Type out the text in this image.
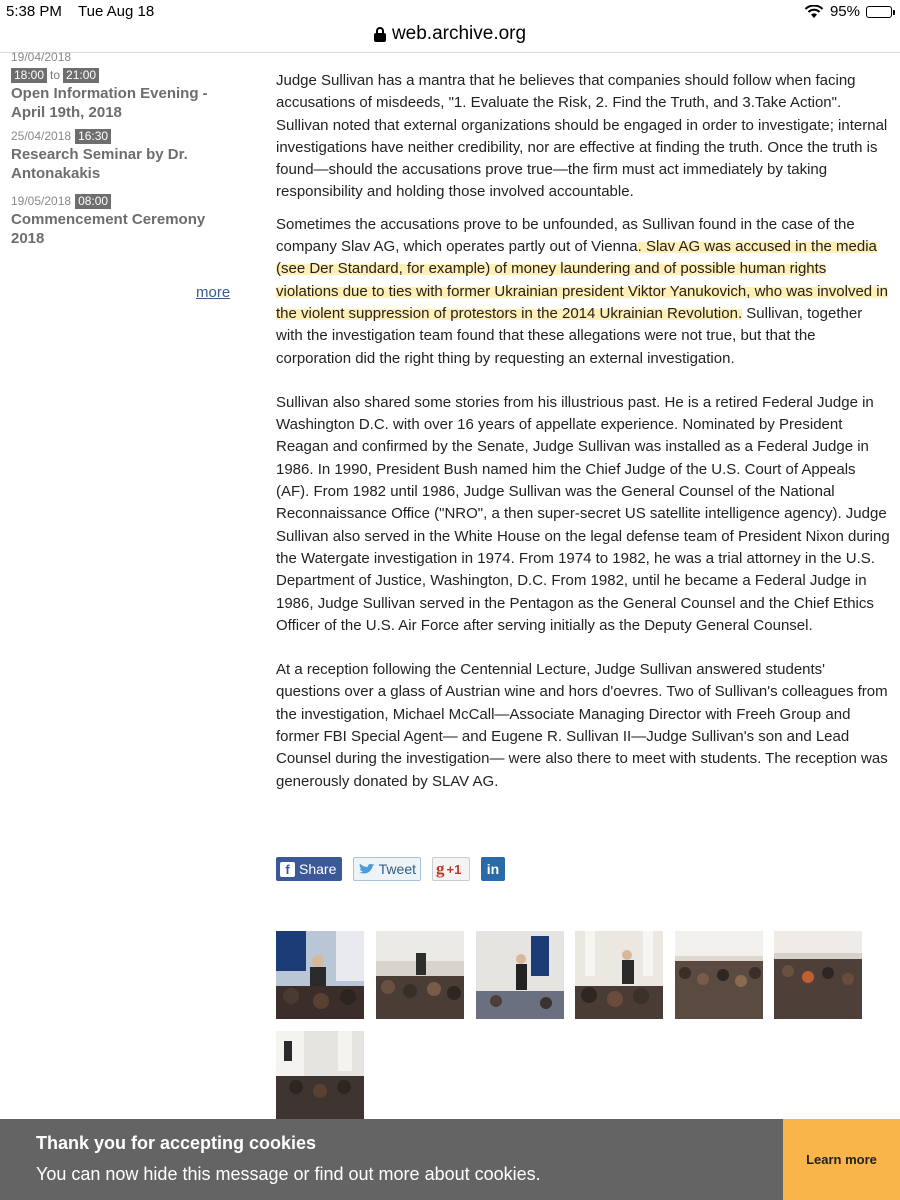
5:38 PM Tue Aug 18	95%
web.archive.org
19/04/2018
18:00 to 21:00
Open Information Evening - April 19th, 2018
25/04/2018 16:30
Research Seminar by Dr. Antonakakis
19/05/2018 08:00
Commencement Ceremony 2018
more

Judge Sullivan has a mantra that he believes that companies should follow when facing accusations of misdeeds, "1. Evaluate the Risk, 2. Find the Truth, and 3.Take Action". Sullivan noted that external organizations should be engaged in order to investigate; internal investigations have neither credibility, nor are effective at finding the truth. Once the truth is found—should the accusations prove true—the firm must act immediately by taking responsibility and holding those involved accountable.

Sometimes the accusations prove to be unfounded, as Sullivan found in the case of the company Slav AG, which operates partly out of Vienna. Slav AG was accused in the media (see Der Standard, for example) of money laundering and of possible human rights violations due to ties with former Ukrainian president Viktor Yanukovich, who was involved in the violent suppression of protestors in the 2014 Ukrainian Revolution. Sullivan, together with the investigation team found that these allegations were not true, but that the corporation did the right thing by requesting an external investigation.

Sullivan also shared some stories from his illustrious past. He is a retired Federal Judge in Washington D.C. with over 16 years of appellate experience. Nominated by President Reagan and confirmed by the Senate, Judge Sullivan was installed as a Federal Judge in 1986. In 1990, President Bush named him the Chief Judge of the U.S. Court of Appeals (AF). From 1982 until 1986, Judge Sullivan was the General Counsel of the National Reconnaissance Office ("NRO", a then super-secret US satellite intelligence agency). Judge Sullivan also served in the White House on the legal defense team of President Nixon during the Watergate investigation in 1974. From 1974 to 1982, he was a trial attorney in the U.S. Department of Justice, Washington, D.C. From 1982, until he became a Federal Judge in 1986, Judge Sullivan served in the Pentagon as the General Counsel and the Chief Ethics Officer of the U.S. Air Force after serving initially as the Deputy General Counsel.

At a reception following the Centennial Lecture, Judge Sullivan answered students' questions over a glass of Austrian wine and hors d'oevres. Two of Sullivan's colleagues from the investigation, Michael McCall—Associate Managing Director with Freeh Group and former FBI Special Agent— and Eugene R. Sullivan II—Judge Sullivan's son and Lead Counsel during the investigation— were also there to meet with students. The reception was generously donated by SLAV AG.

f Share	Tweet g +1	in
Thank you for accepting cookies
You can now hide this message or find out more about cookies.
Learn more
